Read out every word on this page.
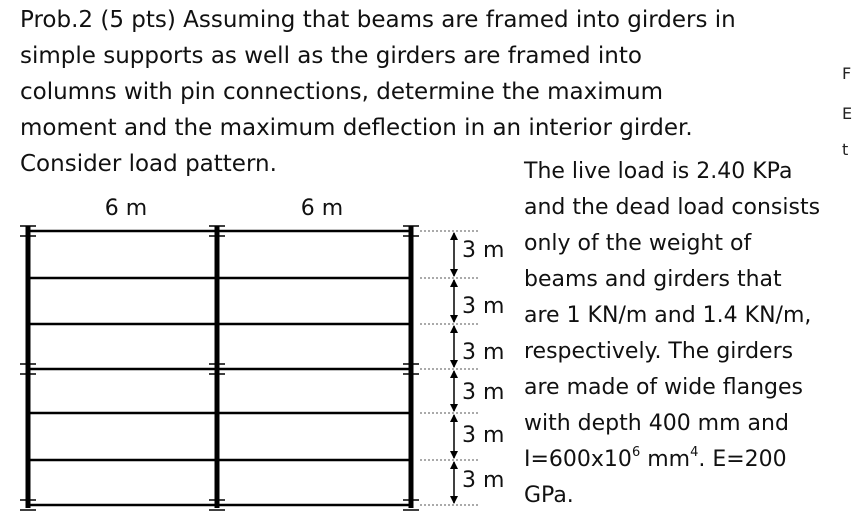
Prob.2 (5 pts) Assuming that beams are framed into girders in
simple supports as well as the girders are framed into
columns with pin connections, determine the maximum
moment and the maximum deflection in an interior girder.
Consider load pattern.	The live load is 2.40 KPa
and the dead load consists
only of the weight of
beams and girders that
are 1 KN/m and 1.4 KN/m,
respectively. The girders
are made of wide flanges
with depth 400 mm and
$I=600x10^6$ $mm^4$. E=200
GPa.
6 m	6 m
3 m
3 m
3 m
3 m
3 m
3 m
F
E
t
